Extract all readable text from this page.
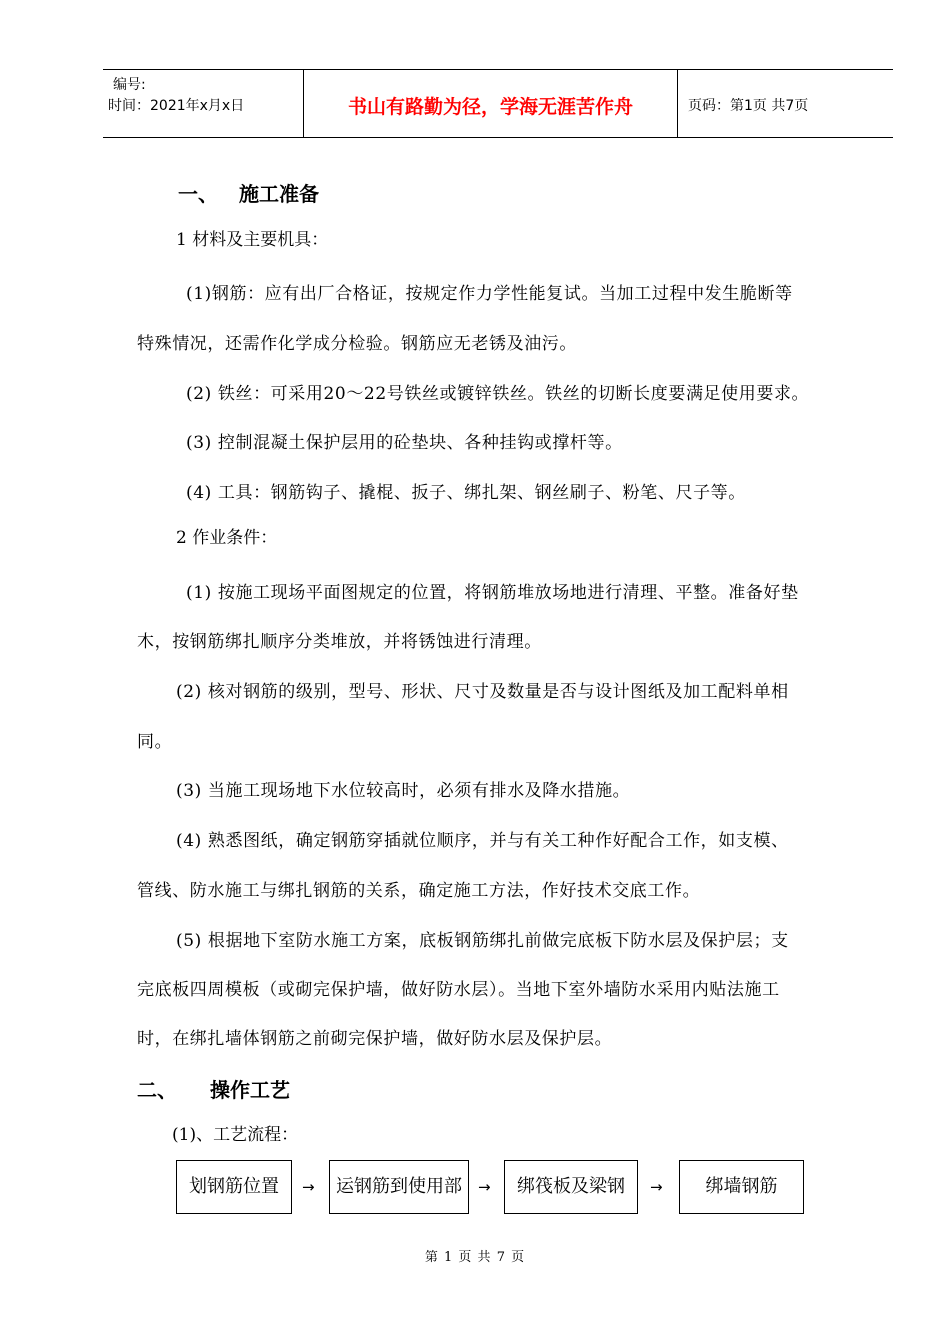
编号:
时间：2021年x月x日	书山有路勤为径，学海无涯苦作舟	页码：第1页 共7页
一、 施工准备
1 材料及主要机具：
(1)钢筋：应有出厂合格证，按规定作力学性能复试。当加工过程中发生脆断等
特殊情况，还需作化学成分检验。钢筋应无老锈及油污。
(2) 铁丝：可采用20～22号铁丝或镀锌铁丝。铁丝的切断长度要满足使用要求。
(3) 控制混凝土保护层用的砼垫块、各种挂钩或撑杆等。
(4) 工具：钢筋钩子、撬棍、扳子、绑扎架、钢丝刷子、粉笔、尺子等。
2 作业条件：
(1) 按施工现场平面图规定的位置，将钢筋堆放场地进行清理、平整。准备好垫
木，按钢筋绑扎顺序分类堆放，并将锈蚀进行清理。
(2) 核对钢筋的级别，型号、形状、尺寸及数量是否与设计图纸及加工配料单相
同。
(3) 当施工现场地下水位较高时，必须有排水及降水措施。
(4) 熟悉图纸，确定钢筋穿插就位顺序，并与有关工种作好配合工作，如支模、
管线、防水施工与绑扎钢筋的关系，确定施工方法，作好技术交底工作。
(5) 根据地下室防水施工方案，底板钢筋绑扎前做完底板下防水层及保护层；支
完底板四周模板（或砌完保护墙，做好防水层）。当地下室外墙防水采用内贴法施工
时，在绑扎墙体钢筋之前砌完保护墙，做好防水层及保护层。
二、 操作工艺
(1)、工艺流程：
划钢筋位置	→	运钢筋到使用部	→	绑筏板及梁钢	→	绑墙钢筋
第 1 页 共 7 页
